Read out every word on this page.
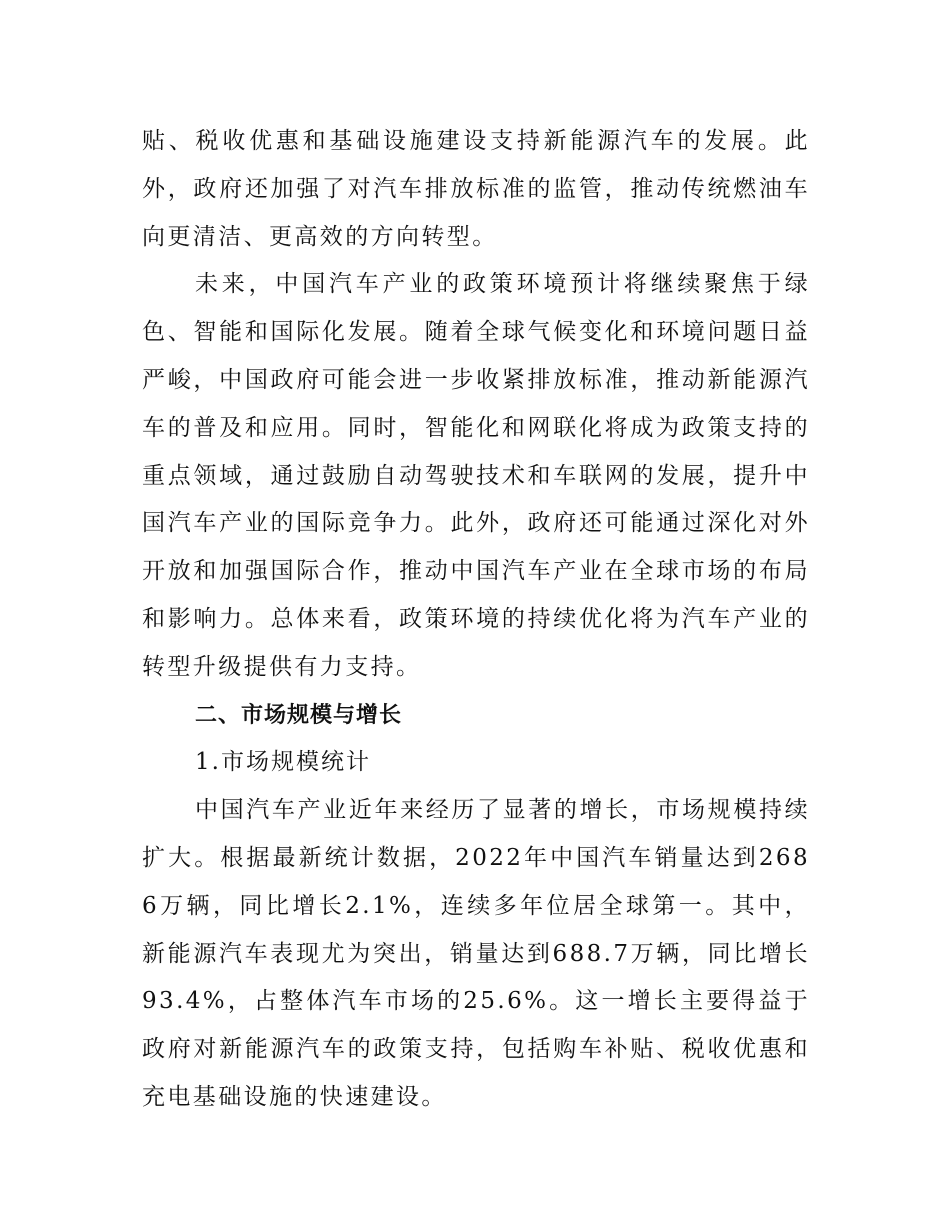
贴、税收优惠和基础设施建设支持新能源汽车的发展。此外，政府还加强了对汽车排放标准的监管，推动传统燃油车向更清洁、更高效的方向转型。

未来，中国汽车产业的政策环境预计将继续聚焦于绿色、智能和国际化发展。随着全球气候变化和环境问题日益严峻，中国政府可能会进一步收紧排放标准，推动新能源汽车的普及和应用。同时，智能化和网联化将成为政策支持的重点领域，通过鼓励自动驾驶技术和车联网的发展，提升中国汽车产业的国际竞争力。此外，政府还可能通过深化对外开放和加强国际合作，推动中国汽车产业在全球市场的布局和影响力。总体来看，政策环境的持续优化将为汽车产业的转型升级提供有力支持。

二、市场规模与增长

1.市场规模统计

中国汽车产业近年来经历了显著的增长，市场规模持续扩大。根据最新统计数据，2022年中国汽车销量达到2686万辆，同比增长2.1%，连续多年位居全球第一。其中，新能源汽车表现尤为突出，销量达到688.7万辆，同比增长93.4%，占整体汽车市场的25.6%。这一增长主要得益于政府对新能源汽车的政策支持，包括购车补贴、税收优惠和充电基础设施的快速建设。
